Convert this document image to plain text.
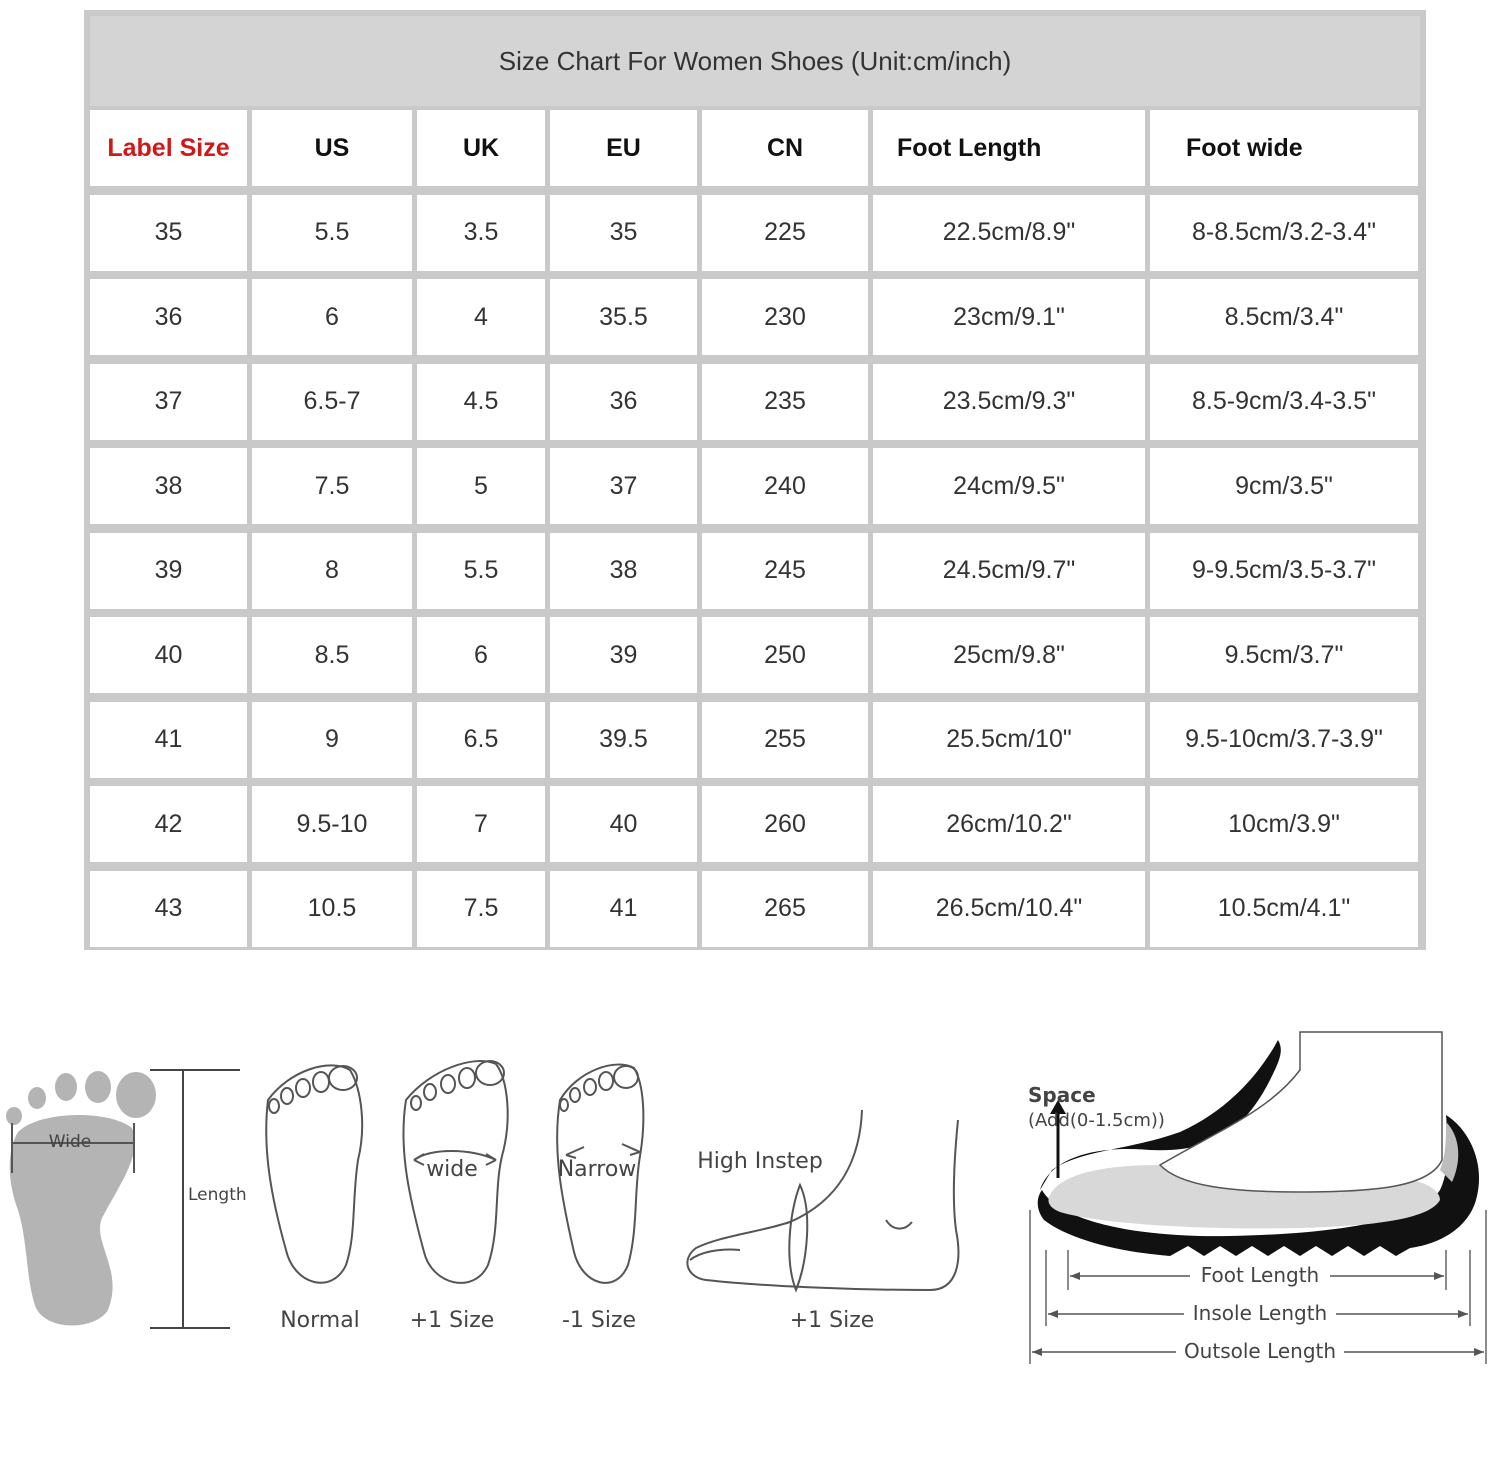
Size Chart For Women Shoes (Unit:cm/inch)
Label Size	US	UK	EU	CN	Foot Length	Foot wide
35	5.5	3.5	35	225	22.5cm/8.9"	8-8.5cm/3.2-3.4"
36	6	4	35.5	230	23cm/9.1"	8.5cm/3.4"
37	6.5-7	4.5	36	235	23.5cm/9.3"	8.5-9cm/3.4-3.5"
38	7.5	5	37	240	24cm/9.5"	9cm/3.5"
39	8	5.5	38	245	24.5cm/9.7"	9-9.5cm/3.5-3.7"
40	8.5	6	39	250	25cm/9.8"	9.5cm/3.7"
41	9	6.5	39.5	255	25.5cm/10"	9.5-10cm/3.7-3.9"
42	9.5-10	7	40	260	26cm/10.2"	10cm/3.9"
43	10.5	7.5	41	265	26.5cm/10.4"	10.5cm/4.1"
Wide
Length
Normal
wide
+1 Size
Narrow
-1 Size
High Instep
+1 Size
Space
(Add(0-1.5cm))
Foot Length
Insole Length
Outsole Length
